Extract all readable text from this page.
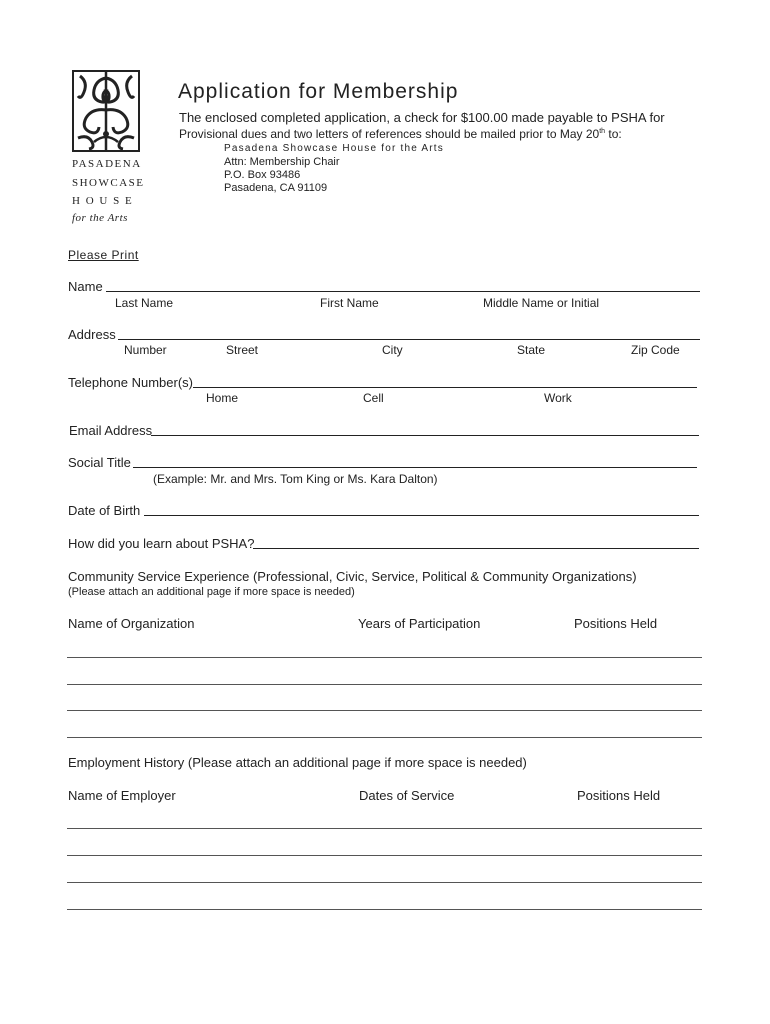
PASADENA
SHOWCASE
H O U S E
for the Arts
Application for Membership
The enclosed completed application, a check for $100.00 made payable to PSHA for
Provisional dues and two letters of references should be mailed prior to May 20th to:
Pasadena Showcase House for the Arts
Attn: Membership Chair
P.O. Box 93486
Pasadena, CA 91109
Please Print
Name
Last Name	First Name	Middle Name or Initial
Address
Number	Street	City	State	Zip Code
Telephone Number(s)
Home	Cell	Work
Email Address
Social Title
(Example: Mr. and Mrs. Tom King or Ms. Kara Dalton)
Date of Birth
How did you learn about PSHA?
Community Service Experience (Professional, Civic, Service, Political & Community Organizations)
(Please attach an additional page if more space is needed)
Name of Organization	Years of Participation	Positions Held
Employment History (Please attach an additional page if more space is needed)
Name of Employer	Dates of Service	Positions Held
